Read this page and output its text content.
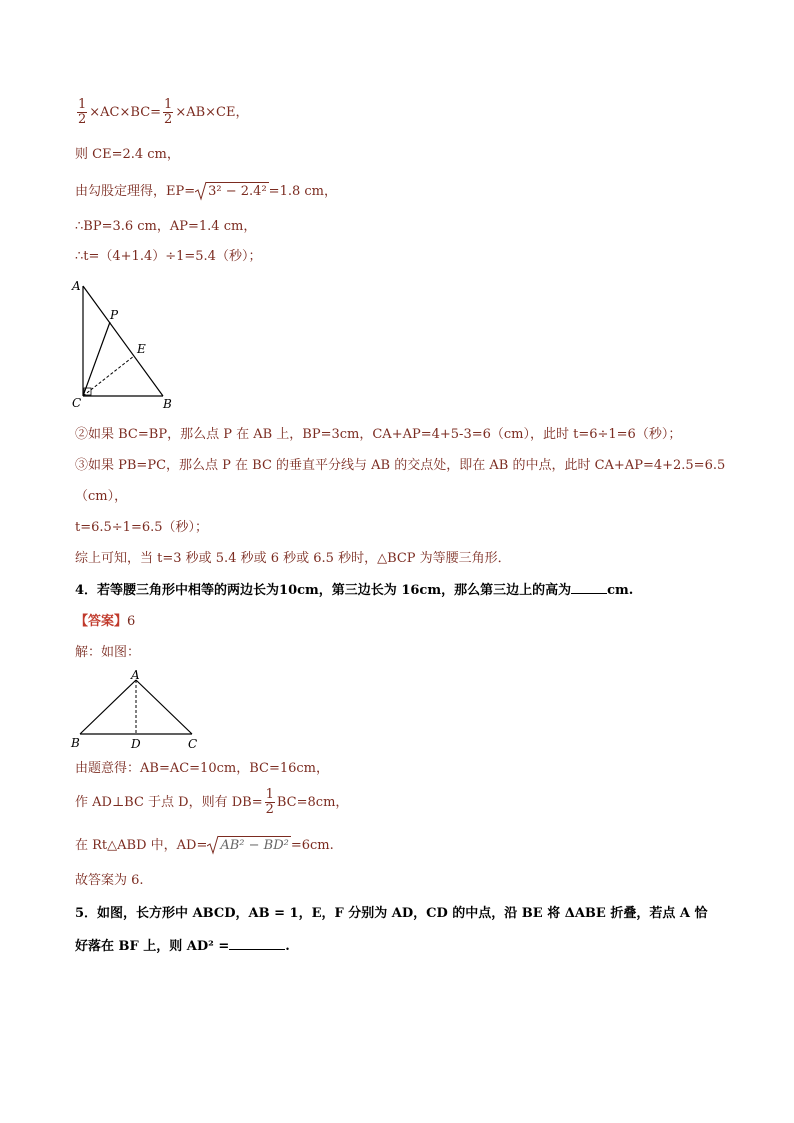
$\frac{1}{2} \times AC\times BC= \frac{1}{2} \times AB\times CE$，
则 CE=2.4 cm，
由勾股定理得，EP= 3² − 2.4² =1.8 cm，
∴BP=3.6 cm，AP=1.4 cm，
∴t=（4+1.4）÷1=5.4（秒）；
A
P
E
C	B
②如果 BC=BP，那么点 P 在 AB 上，BP=3cm，CA+AP=4+5-3=6（cm），此时 t=6÷1=6（秒）；
③如果 PB=PC，那么点 P 在 BC 的垂直平分线与 AB 的交点处，即在 AB 的中点，此时 CA+AP=4+2.5=6.5
（cm），
t=6.5÷1=6.5（秒）；
综上可知，当 t=3 秒或 5.4 秒或 6 秒或 6.5 秒时，△BCP 为等腰三角形．
4．若等腰三角形中相等的两边长为10cm，第三边长为 16cm，那么第三边上的高为	cm.
【答案】6
解：如图：
A
B	D	C
由题意得：AB=AC=10cm，BC=16cm，
作 AD⊥BC 于点 D，则有 $DB= \frac{1}{2} BC=8cm$，
在 Rt△ABD 中，AD= AB² − BD² =6cm.
故答案为 6.
5．如图，长方形中 ABCD，AB = 1，E，F 分别为 AD，CD 的中点，沿 BE 将 ΔABE 折叠，若点 A 恰
好落在 BF 上，则 AD² =	.
